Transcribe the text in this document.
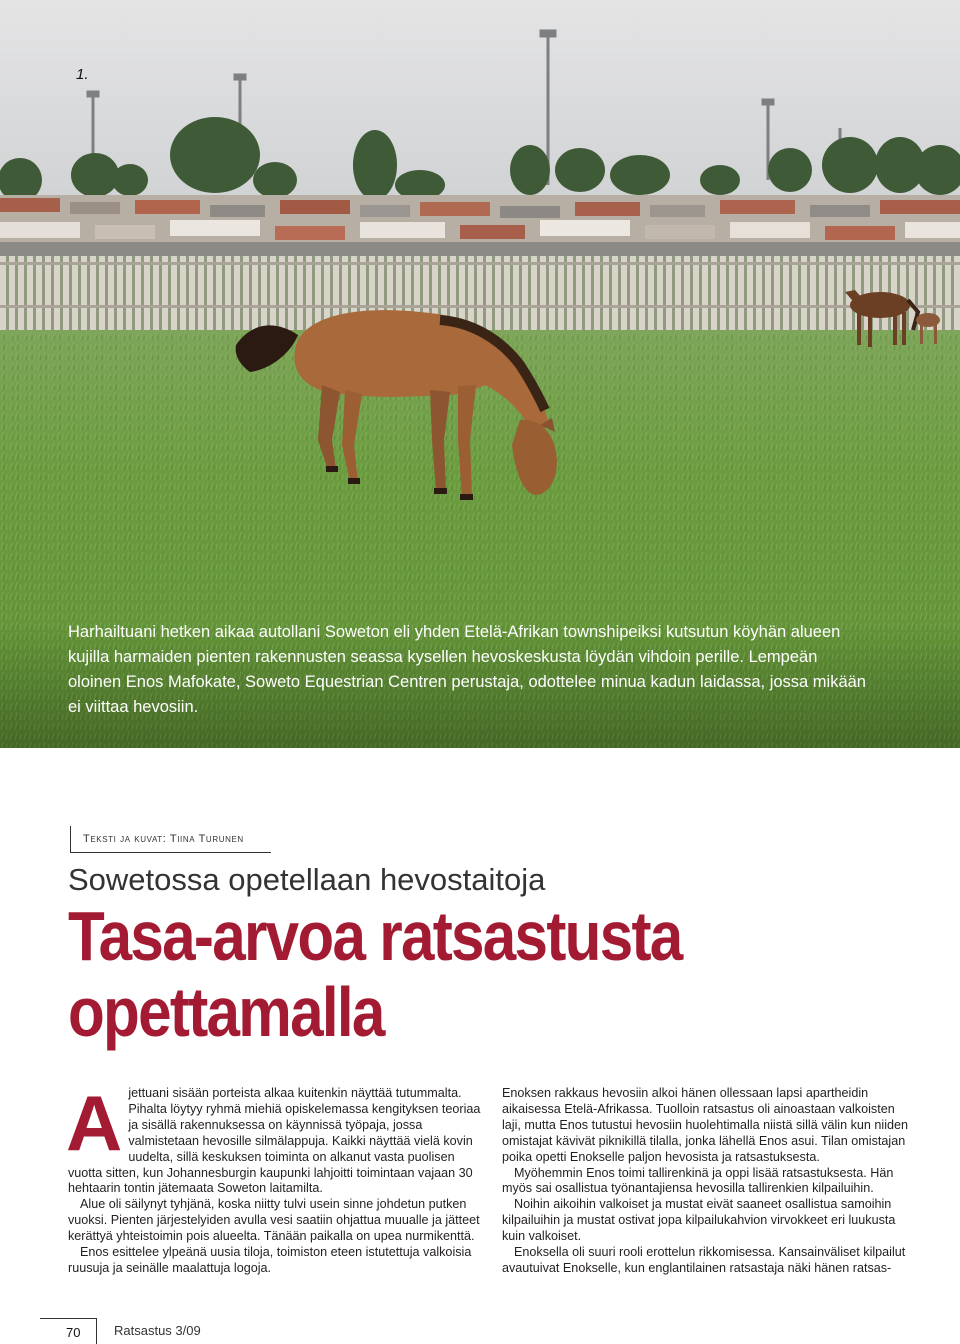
1.

Harhailtuani hetken aikaa autollani Soweton eli yhden Etelä-Afrikan townshipeiksi kutsutun köyhän alueen kujilla harmaiden pienten rakennusten seassa kysellen hevoskeskusta löydän vihdoin perille. Lempeän oloinen Enos Mafokate, Soweto Equestrian Centren perustaja, odottelee minua kadun laidassa, jossa mikään ei viittaa hevosiin.

Teksti ja kuvat: Tiina Turunen
Sowetossa opetellaan hevostaitoja
Tasa-arvoa ratsastusta
opettamalla

Ajettuani sisään porteista alkaa kuitenkin näyttää tutummalta. Pihalta löytyy ryhmä miehiä opiskelemassa kengityksen teoriaa ja sisällä rakennuksessa on käynnissä työpaja, jossa valmistetaan hevosille silmälappuja. Kaikki näyttää vielä kovin uudelta, sillä keskuksen toiminta on alkanut vasta puolisen vuotta sitten, kun Johannesburgin kaupunki lahjoitti toimintaan vajaan 30 hehtaarin tontin jätemaata Soweton laitamilta.

Alue oli säilynyt tyhjänä, koska niitty tulvi usein sinne johdetun putken vuoksi. Pienten järjestelyiden avulla vesi saatiin ohjattua muualle ja jätteet kerättyä yhteistoimin pois alueelta. Tänään paikalla on upea nurmikenttä.

Enos esittelee ylpeänä uusia tiloja, toimiston eteen istutettuja valkoisia ruusuja ja seinälle maalattuja logoja.

Enoksen rakkaus hevosiin alkoi hänen ollessaan lapsi apartheidin aikaisessa Etelä-Afrikassa. Tuolloin ratsastus oli ainoastaan valkoisten laji, mutta Enos tutustui hevosiin huolehtimalla niistä sillä välin kun niiden omistajat kävivät piknikillä tilalla, jonka lähellä Enos asui. Tilan omistajan poika opetti Enokselle paljon hevosista ja ratsastuksesta.

Myöhemmin Enos toimi tallirenkinä ja oppi lisää ratsastuksesta. Hän myös sai osallistua työnantajiensa hevosilla tallirenkien kilpailuihin.

Noihin aikoihin valkoiset ja mustat eivät saaneet osallistua samoihin kilpailuihin ja mustat ostivat jopa kilpailukahvion virvokkeet eri luukusta kuin valkoiset.

Enoksella oli suuri rooli erottelun rikkomisessa. Kansainväliset kilpailut avautuivat Enokselle, kun englantilainen ratsastaja näki hänen ratsas-

70	Ratsastus 3/09
